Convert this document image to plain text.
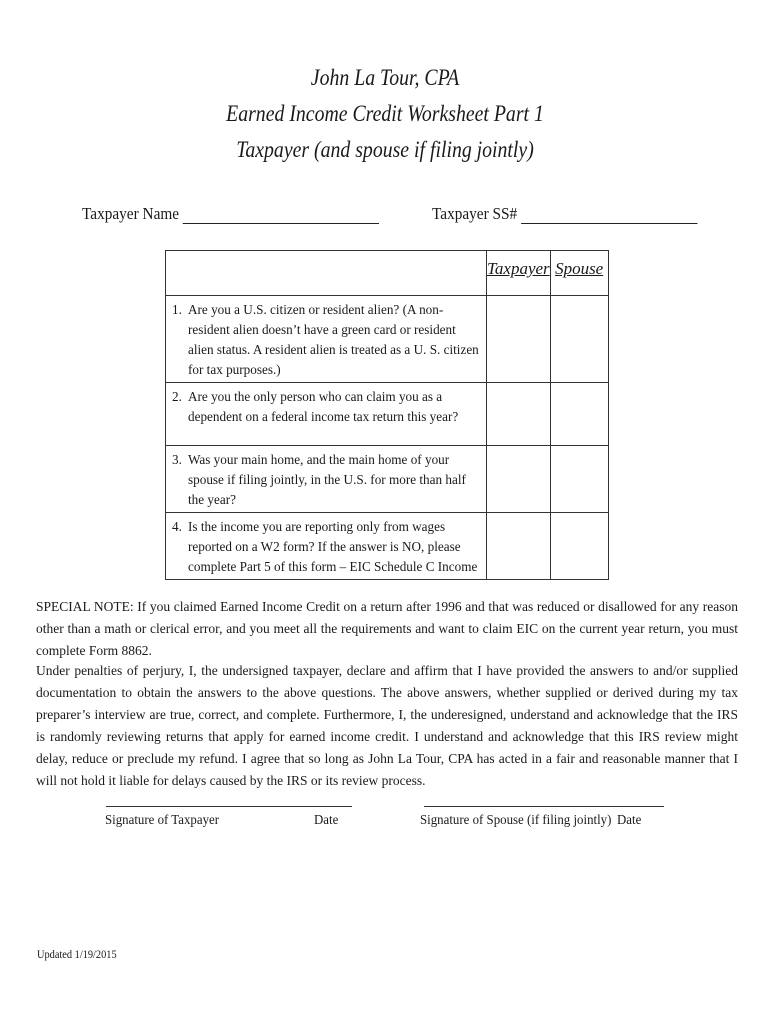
John La Tour, CPA
Earned Income Credit Worksheet Part 1
Taxpayer (and spouse if filing jointly)
Taxpayer Name	Taxpayer SS#
	Taxpayer	Spouse

1. Are you a U.S. citizen or resident alien? (A non-resident alien doesn’t have a green card or resident alien status. A resident alien is treated as a U. S. citizen for tax purposes.)		

2. Are you the only person who can claim you as a dependent on a federal income tax return this year?		

3. Was your main home, and the main home of your spouse if filing jointly, in the U.S. for more than half the year?		

4. Is the income you are reporting only from wages reported on a W2 form? If the answer is NO, please complete Part 5 of this form – EIC Schedule C Income		

SPECIAL NOTE: If you claimed Earned Income Credit on a return after 1996 and that was reduced or disallowed for any reason other than a math or clerical error, and you meet all the requirements and want to claim EIC on the current year return, you must complete Form 8862.
Under penalties of perjury, I, the undersigned taxpayer, declare and affirm that I have provided the answers to and/or supplied documentation to obtain the answers to the above questions. The above answers, whether supplied or derived during my tax preparer’s interview are true, correct, and complete. Furthermore, I, the underesigned, understand and acknowledge that the IRS is randomly reviewing returns that apply for earned income credit. I understand and acknowledge that this IRS review might delay, reduce or preclude my refund. I agree that so long as John La Tour, CPA has acted in a fair and reasonable manner that I will not hold it liable for delays caused by the IRS or its review process.
Signature of Taxpayer	Date	Signature of Spouse (if filing jointly) Date
Updated 1/19/2015
